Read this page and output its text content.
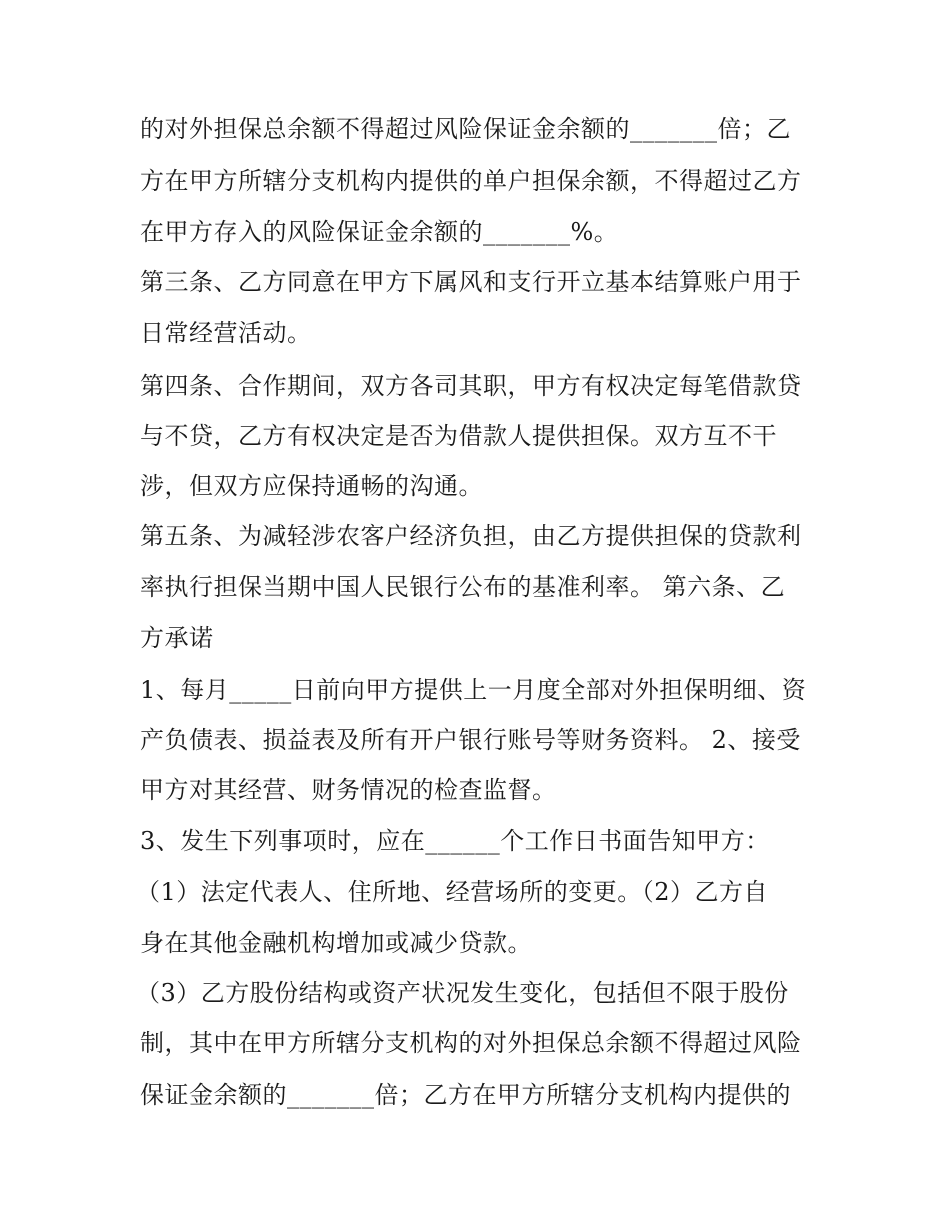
的对外担保总余额不得超过风险保证金余额的_______倍；乙
方在甲方所辖分支机构内提供的单户担保余额，不得超过乙方
在甲方存入的风险保证金余额的_______%。
第三条、乙方同意在甲方下属风和支行开立基本结算账户用于
日常经营活动。
第四条、合作期间，双方各司其职，甲方有权决定每笔借款贷
与不贷，乙方有权决定是否为借款人提供担保。双方互不干
涉，但双方应保持通畅的沟通。
第五条、为减轻涉农客户经济负担，由乙方提供担保的贷款利
率执行担保当期中国人民银行公布的基准利率。 第六条、乙
方承诺
1、每月_____日前向甲方提供上一月度全部对外担保明细、资
产负债表、损益表及所有开户银行账号等财务资料。 2、接受
甲方对其经营、财务情况的检查监督。
3、发生下列事项时，应在______个工作日书面告知甲方：
（1）法定代表人、住所地、经营场所的变更。（2）乙方自
身在其他金融机构增加或减少贷款。
（3）乙方股份结构或资产状况发生变化，包括但不限于股份
制，其中在甲方所辖分支机构的对外担保总余额不得超过风险
保证金余额的_______倍；乙方在甲方所辖分支机构内提供的
